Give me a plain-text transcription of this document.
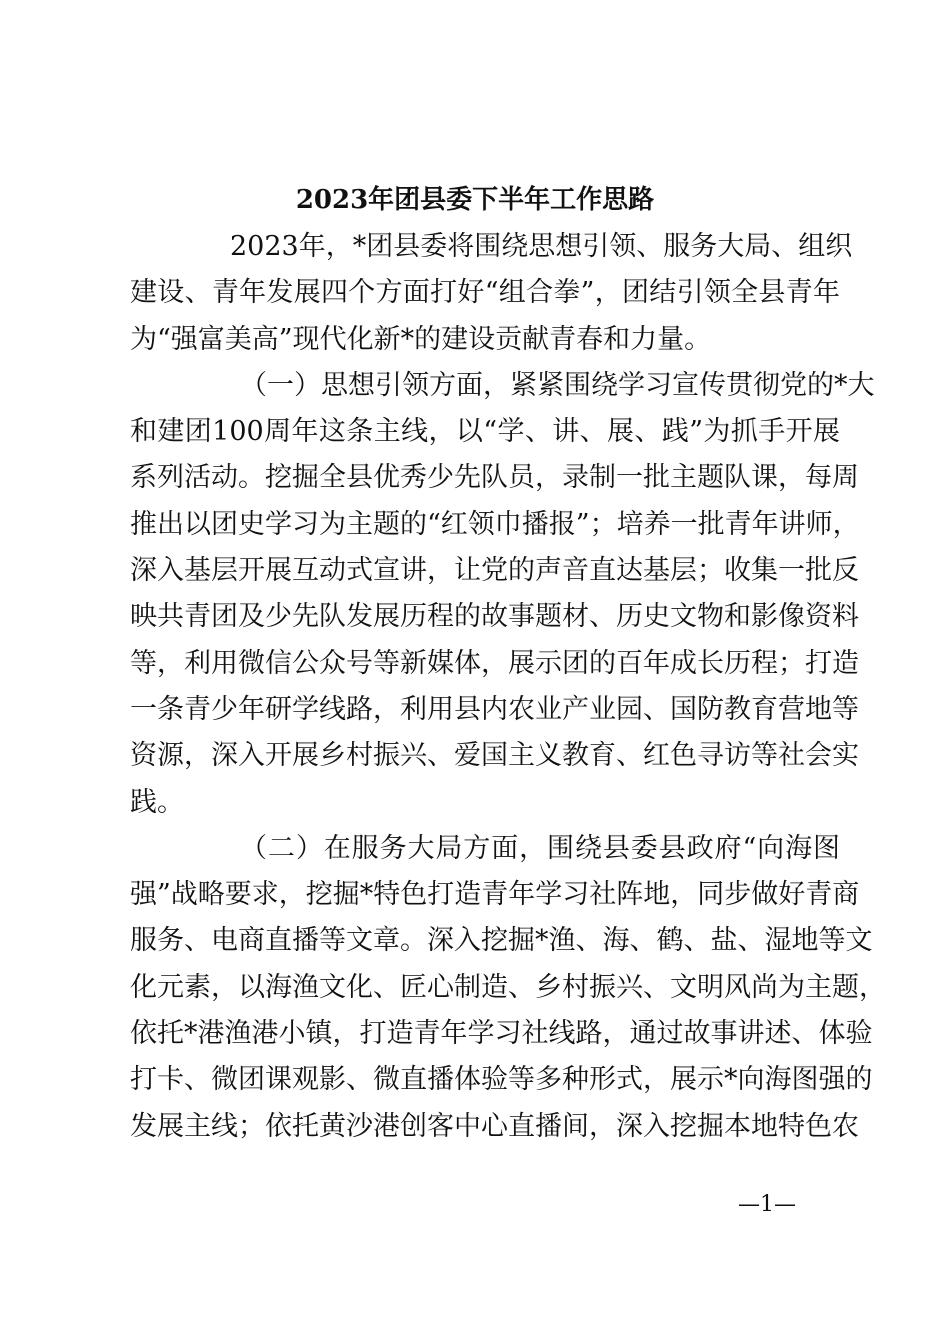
2023年团县委下半年工作思路
2023年，*团县委将围绕思想引领、服务大局、组织
建设、青年发展四个方面打好“组合拳”，团结引领全县青年
为“强富美高”现代化新*的建设贡献青春和力量。
（一）思想引领方面，紧紧围绕学习宣传贯彻党的*大
和建团100周年这条主线，以“学、讲、展、践”为抓手开展
系列活动。挖掘全县优秀少先队员，录制一批主题队课，每周
推出以团史学习为主题的“红领巾播报”；培养一批青年讲师，
深入基层开展互动式宣讲，让党的声音直达基层；收集一批反
映共青团及少先队发展历程的故事题材、历史文物和影像资料
等，利用微信公众号等新媒体，展示团的百年成长历程；打造
一条青少年研学线路，利用县内农业产业园、国防教育营地等
资源，深入开展乡村振兴、爱国主义教育、红色寻访等社会实
践。
（二）在服务大局方面，围绕县委县政府“向海图
强”战略要求，挖掘*特色打造青年学习社阵地，同步做好青商
服务、电商直播等文章。深入挖掘*渔、海、鹤、盐、湿地等文
化元素，以海渔文化、匠心制造、乡村振兴、文明风尚为主题，
依托*港渔港小镇，打造青年学习社线路，通过故事讲述、体验
打卡、微团课观影、微直播体验等多种形式，展示*向海图强的
发展主线；依托黄沙港创客中心直播间，深入挖掘本地特色农
—1—
